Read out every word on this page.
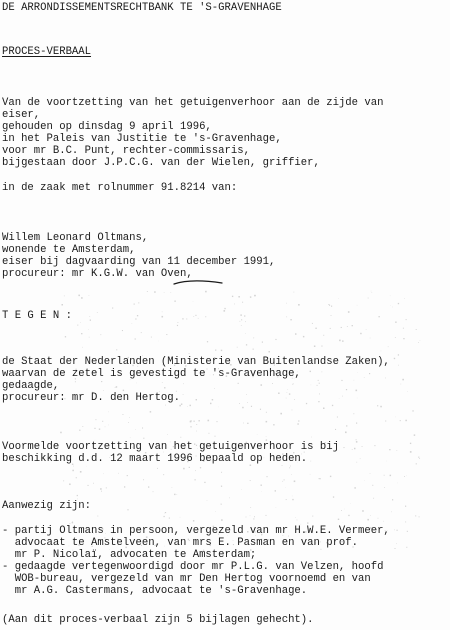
DE ARRONDISSEMENTSRECHTBANK TE 'S-GRAVENHAGE
PROCES-VERBAAL
Van de voortzetting van het getuigenverhoor aan de zijde van
eiser,
gehouden op dinsdag 9 april 1996,
in het Paleis van Justitie te 's-Gravenhage,
voor mr B.C. Punt, rechter-commissaris,
bijgestaan door J.P.C.G. van der Wielen, griffier,
in de zaak met rolnummer 91.8214 van:
Willem Leonard Oltmans,
wonende te Amsterdam,
eiser bij dagvaarding van 11 december 1991,
procureur: mr K.G.W. van Oven,
T E G E N :
de Staat der Nederlanden (Ministerie van Buitenlandse Zaken),
waarvan de zetel is gevestigd te 's-Gravenhage,
gedaagde,
procureur: mr D. den Hertog.
Voormelde voortzetting van het getuigenverhoor is bij
beschikking d.d. 12 maart 1996 bepaald op heden.
Aanwezig zijn:
- partij Oltmans in persoon, vergezeld van mr H.W.E. Vermeer,
advocaat te Amstelveen, van mrs E. Pasman en van prof.
mr P. Nicolaï, advocaten te Amsterdam;
- gedaagde vertegenwoordigd door mr P.L.G. van Velzen, hoofd
WOB-bureau, vergezeld van mr Den Hertog voornoemd en van
mr A.G. Castermans, advocaat te 's-Gravenhage.
(Aan dit proces-verbaal zijn 5 bijlagen gehecht).
